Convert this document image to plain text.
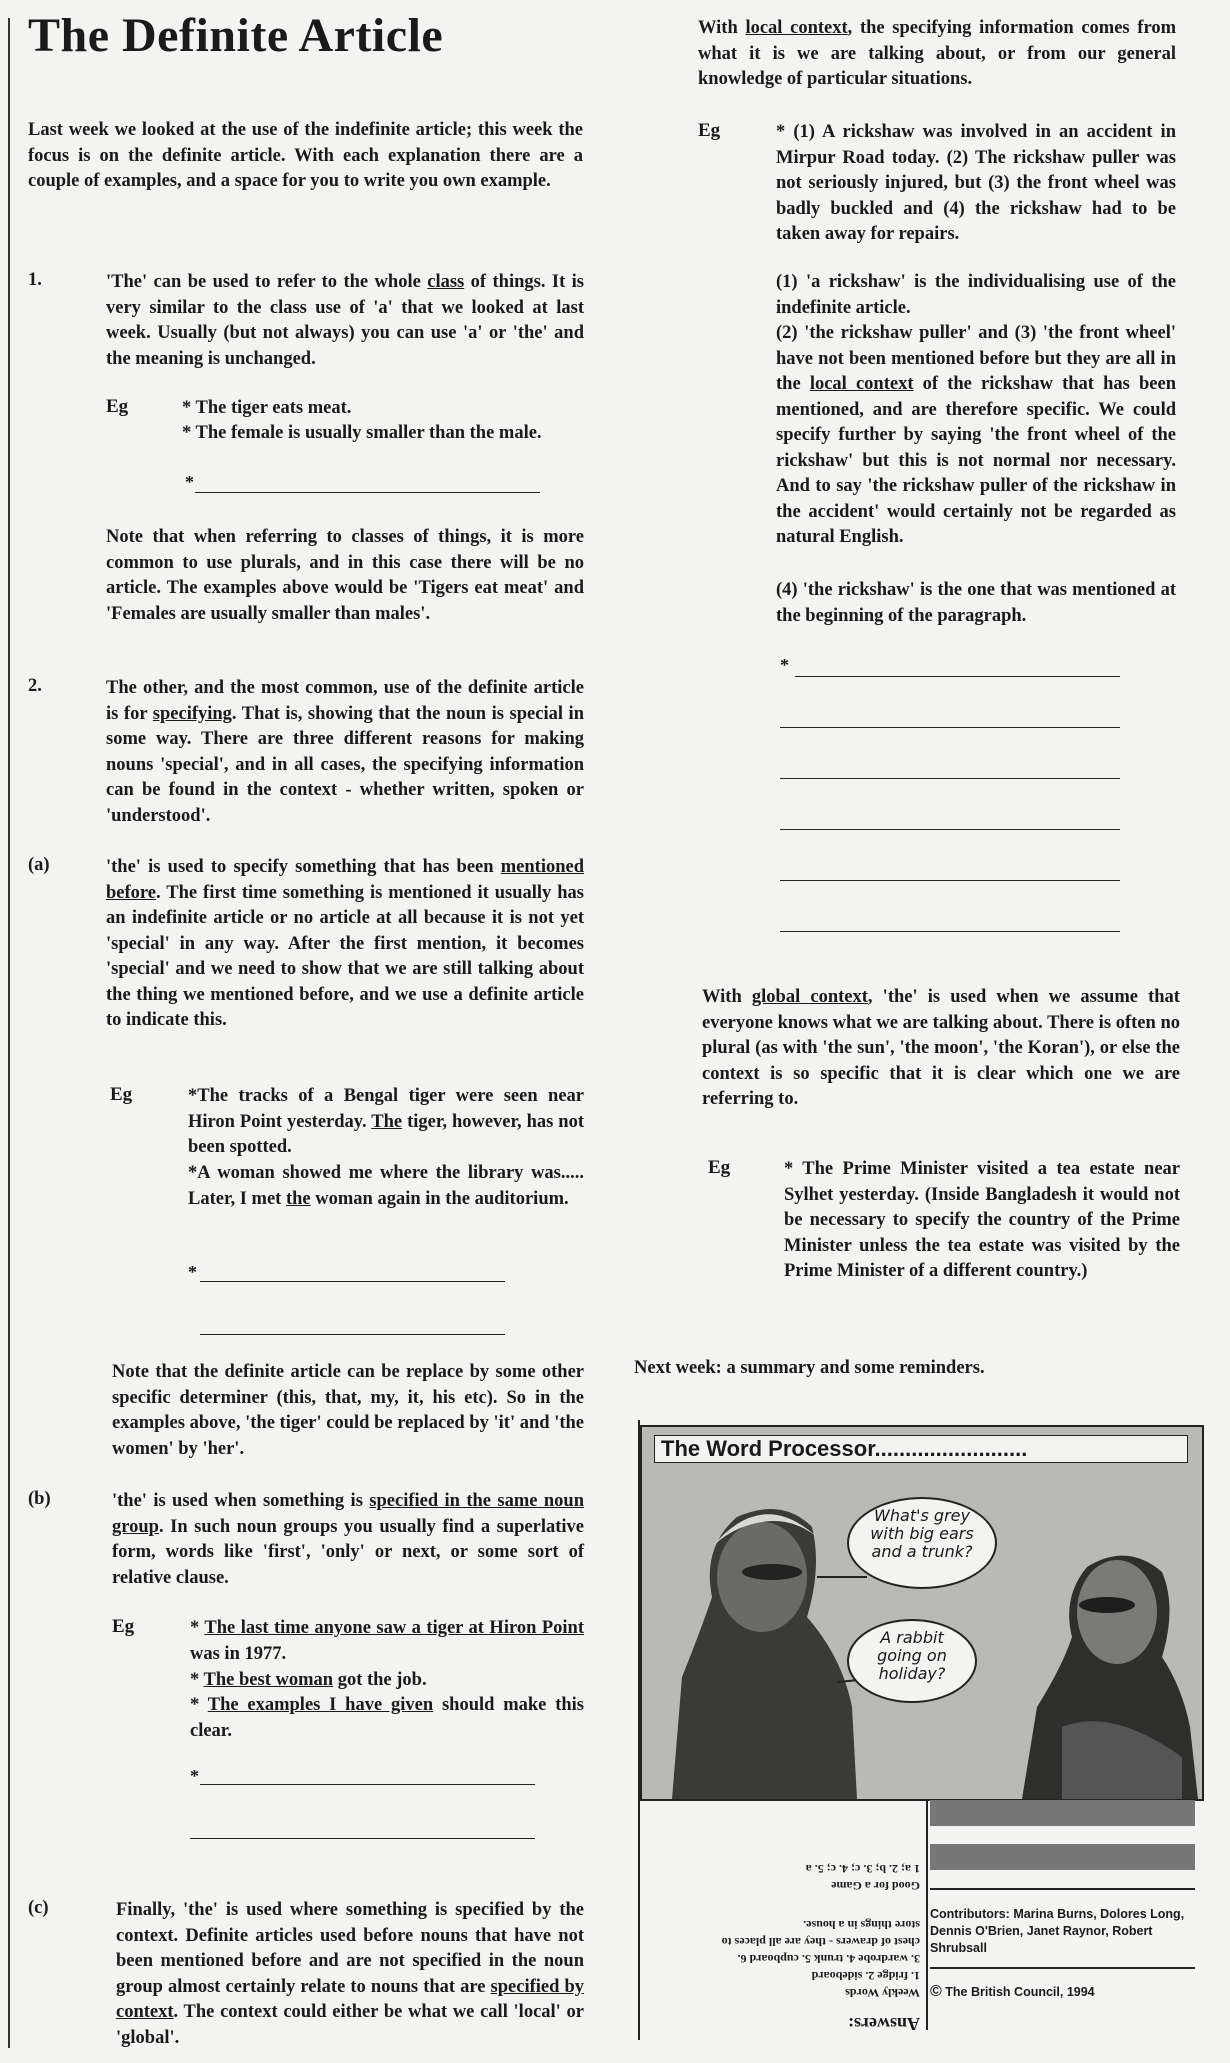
The Definite Article

Last week we looked at the use of the indefinite article; this week the focus is on the definite article. With each explanation there are a couple of examples, and a space for you to write you own example.

1.	'The' can be used to refer to the whole class of things. It is very similar to the class use of 'a' that we looked at last week. Usually (but not always) you can use 'a' or 'the' and the meaning is unchanged.

Eg	* The tiger eats meat.
* The female is usually smaller than the male.
*

Note that when referring to classes of things, it is more common to use plurals, and in this case there will be no article. The examples above would be 'Tigers eat meat' and 'Females are usually smaller than males'.

2.	The other, and the most common, use of the definite article is for specifying. That is, showing that the noun is special in some way. There are three different reasons for making nouns 'special', and in all cases, the specifying information can be found in the context - whether written, spoken or 'understood'.

(a)	'the' is used to specify something that has been mentioned before. The first time something is mentioned it usually has an indefinite article or no article at all because it is not yet 'special' in any way. After the first mention, it becomes 'special' and we need to show that we are still talking about the thing we mentioned before, and we use a definite article to indicate this.

Eg	*The tracks of a Bengal tiger were seen near Hiron Point yesterday. The tiger, however, has not been spotted.

*A woman showed me where the library was..... Later, I met the woman again in the auditorium.

*

Note that the definite article can be replace by some other specific determiner (this, that, my, it, his etc). So in the examples above, 'the tiger' could be replaced by 'it' and 'the women' by 'her'.

(b)	'the' is used when something is specified in the same noun group. In such noun groups you usually find a superlative form, words like 'first', 'only' or next, or some sort of relative clause.

Eg	* The last time anyone saw a tiger at Hiron Point was in 1977.

* The best woman got the job.

* The examples I have given should make this clear.

*
(c)	Finally, 'the' is used where something is specified by the context. Definite articles used before nouns that have not been mentioned before and are not specified in the noun group almost certainly relate to nouns that are specified by context. The context could either be what we call 'local' or 'global'.

With local context, the specifying information comes from what it is we are talking about, or from our general knowledge of particular situations.

Eg	* (1) A rickshaw was involved in an accident in Mirpur Road today. (2) The rickshaw puller was not seriously injured, but (3) the front wheel was badly buckled and (4) the rickshaw had to be taken away for repairs.

(1) 'a rickshaw' is the individualising use of the indefinite article.

(2) 'the rickshaw puller' and (3) 'the front wheel' have not been mentioned before but they are all in the local context of the rickshaw that has been mentioned, and are therefore specific. We could specify further by saying 'the front wheel of the rickshaw' but this is not normal nor necessary. And to say 'the rickshaw puller of the rickshaw in the accident' would certainly not be regarded as natural English.

(4) 'the rickshaw' is the one that was mentioned at the beginning of the paragraph.

*

With global context, 'the' is used when we assume that everyone knows what we are talking about. There is often no plural (as with 'the sun', 'the moon', 'the Koran'), or else the context is so specific that it is clear which one we are referring to.

Eg	* The Prime Minister visited a tea estate near Sylhet yesterday. (Inside Bangladesh it would not be necessary to specify the country of the Prime Minister unless the tea estate was visited by the Prime Minister of a different country.)

Next week: a summary and some reminders.
The Word Processor.........................
What's grey with big ears and a trunk?
A rabbit going on holiday?
Answers:
Weekly Words
1. fridge 2. sideboard
3. wardrobe 4. trunk 5. cupboard 6.
chest of drawers - they are all places to
store things in a house.
Good for a Game
1 a; 2. b; 3. c; 4. c; 5. a
Contributors: Marina Burns, Dolores Long, Dennis O'Brien, Janet Raynor, Robert Shrubsall
© The British Council, 1994
